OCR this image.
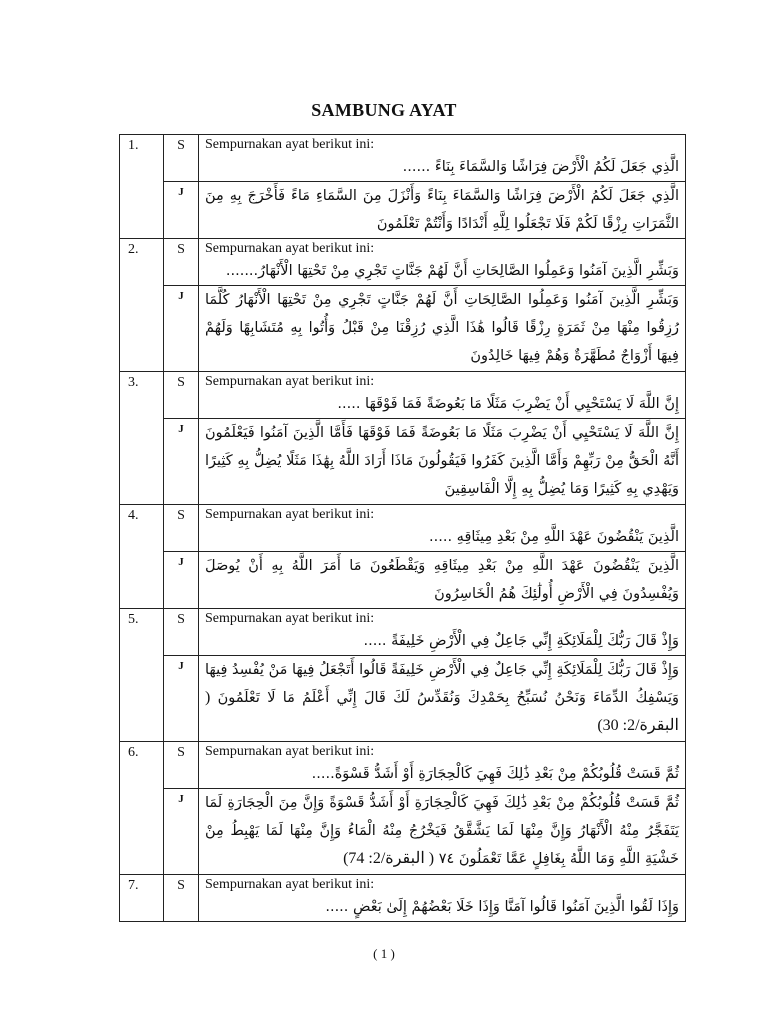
SAMBUNG AYAT
1.	S	Sempurnakan ayat berikut ini:
الَّذِي جَعَلَ لَكُمُ الْأَرْضَ فِرَاشًا وَالسَّمَاءَ بِنَاءً ......

	J	الَّذِي جَعَلَ لَكُمُ الْأَرْضَ فِرَاشًا وَالسَّمَاءَ بِنَاءً وَأَنْزَلَ مِنَ السَّمَاءِ مَاءً فَأَخْرَجَ بِهِ مِنَ الثَّمَرَاتِ رِزْقًا لَكُمْ فَلَا تَجْعَلُوا لِلَّهِ أَنْدَادًا وَأَنْتُمْ تَعْلَمُونَ

2.	S	Sempurnakan ayat berikut ini:
وَبَشِّرِ الَّذِينَ آمَنُوا وَعَمِلُوا الصَّالِحَاتِ أَنَّ لَهُمْ جَنَّاتٍ تَجْرِي مِنْ تَحْتِهَا الْأَنْهَارُ.......

	J	وَبَشِّرِ الَّذِينَ آمَنُوا وَعَمِلُوا الصَّالِحَاتِ أَنَّ لَهُمْ جَنَّاتٍ تَجْرِي مِنْ تَحْتِهَا الْأَنْهَارُ كُلَّمَا رُزِقُوا مِنْهَا مِنْ ثَمَرَةٍ رِزْقًا قَالُوا هَٰذَا الَّذِي رُزِقْنَا مِنْ قَبْلُ وَأُتُوا بِهِ مُتَشَابِهًا وَلَهُمْ فِيهَا أَزْوَاجٌ مُطَهَّرَةٌ وَهُمْ فِيهَا خَالِدُونَ

3.	S	Sempurnakan ayat berikut ini:
إِنَّ اللَّهَ لَا يَسْتَحْيِي أَنْ يَضْرِبَ مَثَلًا مَا بَعُوضَةً فَمَا فَوْقَهَا .....

	J	إِنَّ اللَّهَ لَا يَسْتَحْيِي أَنْ يَضْرِبَ مَثَلًا مَا بَعُوضَةً فَمَا فَوْقَهَا فَأَمَّا الَّذِينَ آمَنُوا فَيَعْلَمُونَ أَنَّهُ الْحَقُّ مِنْ رَبِّهِمْ وَأَمَّا الَّذِينَ كَفَرُوا فَيَقُولُونَ مَاذَا أَرَادَ اللَّهُ بِهَٰذَا مَثَلًا يُضِلُّ بِهِ كَثِيرًا وَيَهْدِي بِهِ كَثِيرًا وَمَا يُضِلُّ بِهِ إِلَّا الْفَاسِقِينَ

4.	S	Sempurnakan ayat berikut ini:
الَّذِينَ يَنْقُضُونَ عَهْدَ اللَّهِ مِنْ بَعْدِ مِيثَاقِهِ .....

	J	الَّذِينَ يَنْقُضُونَ عَهْدَ اللَّهِ مِنْ بَعْدِ مِيثَاقِهِ وَيَقْطَعُونَ مَا أَمَرَ اللَّهُ بِهِ أَنْ يُوصَلَ وَيُفْسِدُونَ فِي الْأَرْضِ أُولَٰئِكَ هُمُ الْخَاسِرُونَ

5.	S	Sempurnakan ayat berikut ini:
وَإِذْ قَالَ رَبُّكَ لِلْمَلَائِكَةِ إِنِّي جَاعِلٌ فِي الْأَرْضِ خَلِيفَةً .....

	J	وَإِذْ قَالَ رَبُّكَ لِلْمَلَائِكَةِ إِنِّي جَاعِلٌ فِي الْأَرْضِ خَلِيفَةً قَالُوا أَتَجْعَلُ فِيهَا مَنْ يُفْسِدُ فِيهَا وَيَسْفِكُ الدِّمَاءَ وَنَحْنُ نُسَبِّحُ بِحَمْدِكَ وَنُقَدِّسُ لَكَ قَالَ إِنِّي أَعْلَمُ مَا لَا تَعْلَمُونَ ( البقرة/2: 30)

6.	S	Sempurnakan ayat berikut ini:
ثُمَّ قَسَتْ قُلُوبُكُمْ مِنْ بَعْدِ ذَٰلِكَ فَهِيَ كَالْحِجَارَةِ أَوْ أَشَدُّ قَسْوَةً.....

	J	ثُمَّ قَسَتْ قُلُوبُكُمْ مِنْ بَعْدِ ذَٰلِكَ فَهِيَ كَالْحِجَارَةِ أَوْ أَشَدُّ قَسْوَةً وَإِنَّ مِنَ الْحِجَارَةِ لَمَا يَتَفَجَّرُ مِنْهُ الْأَنْهَارُ وَإِنَّ مِنْهَا لَمَا يَشَّقَّقُ فَيَخْرُجُ مِنْهُ الْمَاءُ وَإِنَّ مِنْهَا لَمَا يَهْبِطُ مِنْ خَشْيَةِ اللَّهِ وَمَا اللَّهُ بِغَافِلٍ عَمَّا تَعْمَلُونَ ٧٤ ( البقرة/2: 74)

7.	S	Sempurnakan ayat berikut ini:
وَإِذَا لَقُوا الَّذِينَ آمَنُوا قَالُوا آمَنَّا وَإِذَا خَلَا بَعْضُهُمْ إِلَىٰ بَعْضٍ .....
( 1 )
